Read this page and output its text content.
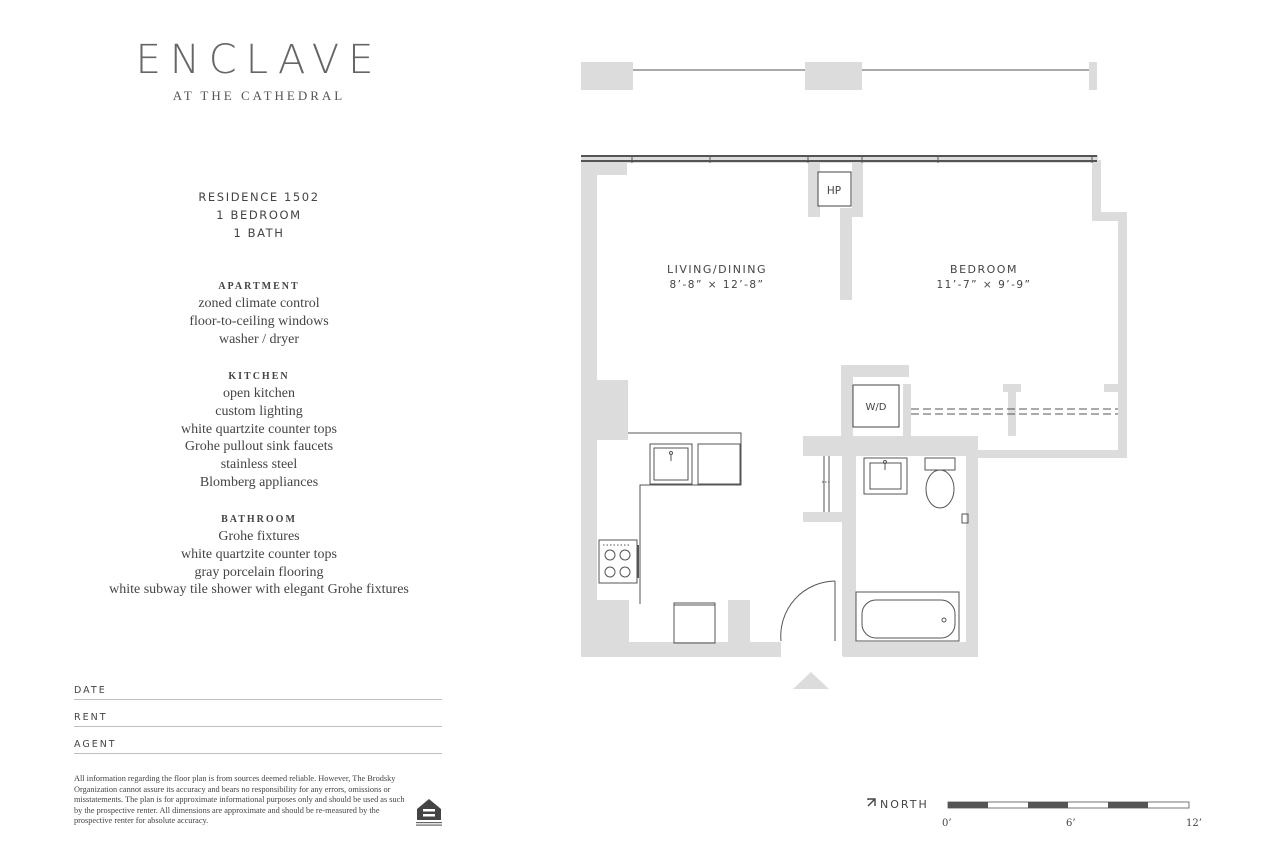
ENCLAVE
AT THE CATHEDRAL
RESIDENCE 1502
1 BEDROOM
1 BATH
APARTMENT
zoned climate control
floor-to-ceiling windows
washer / dryer
KITCHEN
open kitchen
custom lighting
white quartzite counter tops
Grohe pullout sink faucets
stainless steel
Blomberg appliances
BATHROOM
Grohe fixtures
white quartzite counter tops
gray porcelain flooring
white subway tile shower with elegant Grohe fixtures
DATE
RENT
AGENT
All information regarding the floor plan is from sources deemed reliable. However, The Brodsky Organization cannot assure its accuracy and bears no responsibility for any errors, omissions or misstatements. The plan is for approximate informational purposes only and should be used as such by the prospective renter. All dimensions are approximate and should be re-measured by the prospective renter for absolute accuracy.
LIVING/DINING
8’-8” × 12’-8”
BEDROOM
11’-7” × 9’-9”
HP
W/D
NORTH
0’	6’	12’
